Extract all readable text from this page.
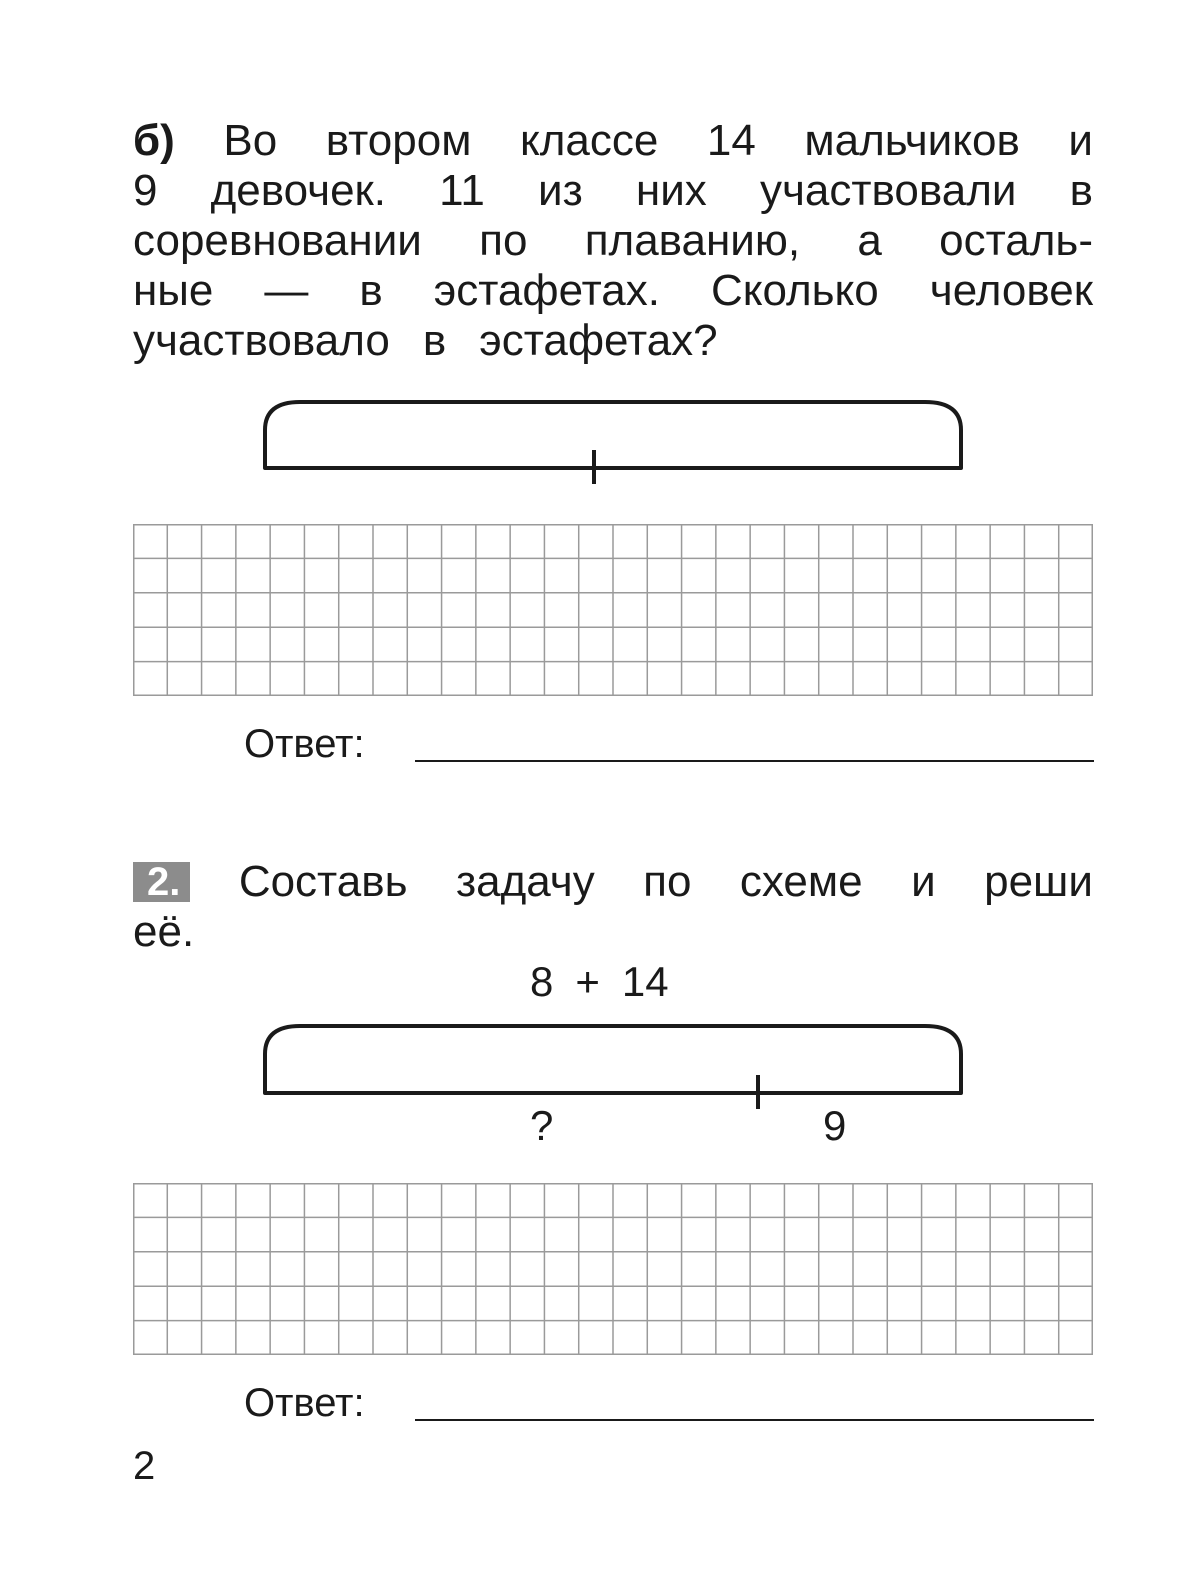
б) Во втором классе 14 мальчиков и
9 девочек. 11 из них участвовали в
соревновании по плаванию, а осталь-
ные — в эстафетах. Сколько человек
участвовало в эстафетах?
Ответ:
2. Составь задачу по схеме и реши
её.
8 + 14
?	9
Ответ:
2
